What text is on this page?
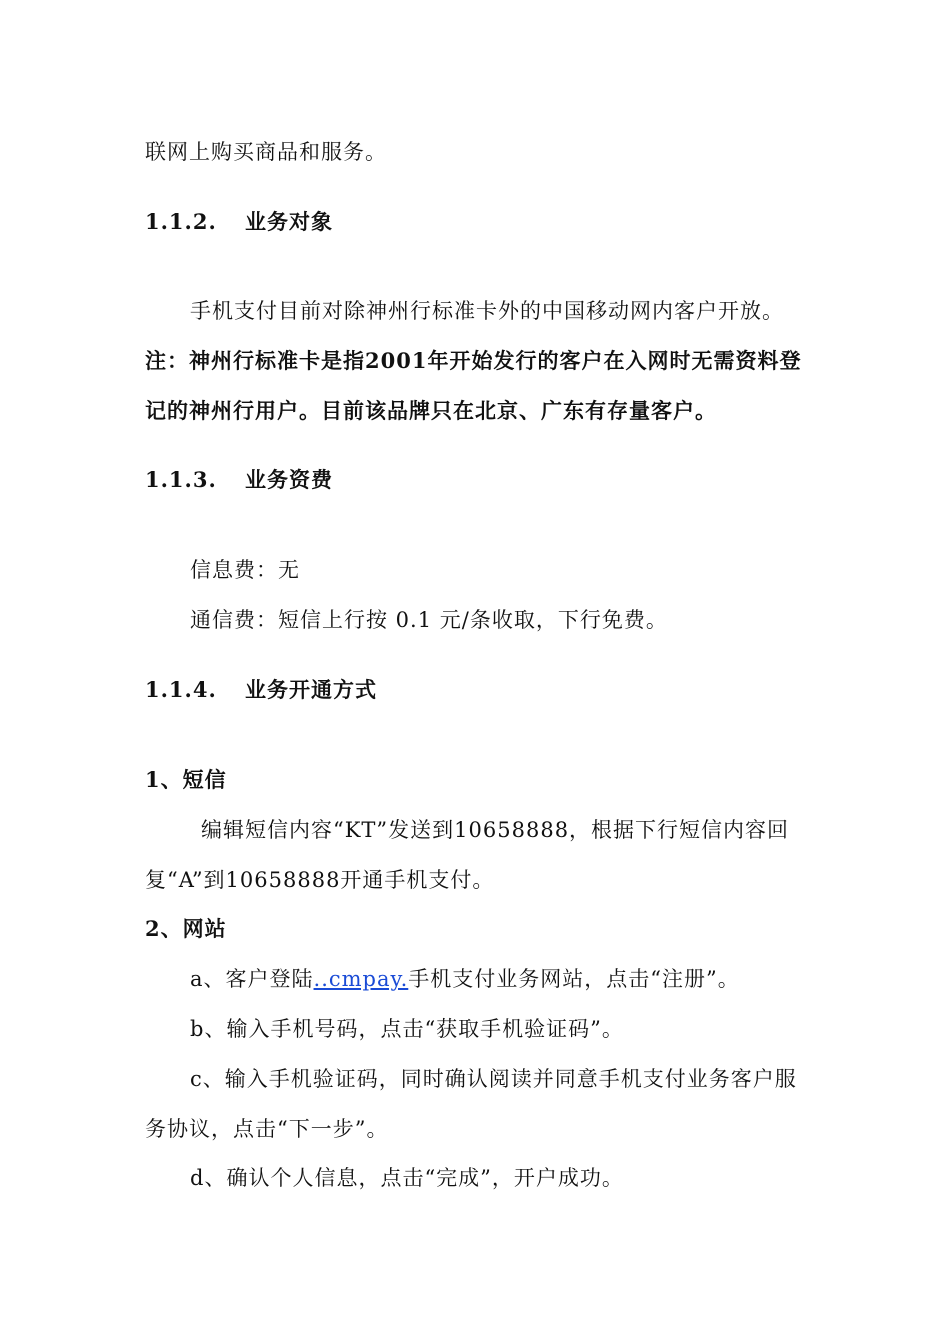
联网上购买商品和服务。
1.1.2. 业务对象
手机支付目前对除神州行标准卡外的中国移动网内客户开放。
注：神州行标准卡是指2001年开始发行的客户在入网时无需资料登
记的神州行用户。目前该品牌只在北京、广东有存量客户。
1.1.3. 业务资费
信息费：无
通信费：短信上行按 0.1 元/条收取，下行免费。
1.1.4. 业务开通方式
1、短信
编辑短信内容“KT”发送到10658888，根据下行短信内容回
复“A”到10658888开通手机支付。
2、网站
a、客户登陆..cmpay.手机支付业务网站，点击“注册”。
b、输入手机号码，点击“获取手机验证码”。
c、输入手机验证码，同时确认阅读并同意手机支付业务客户服
务协议，点击“下一步”。
d、确认个人信息，点击“完成”，开户成功。
